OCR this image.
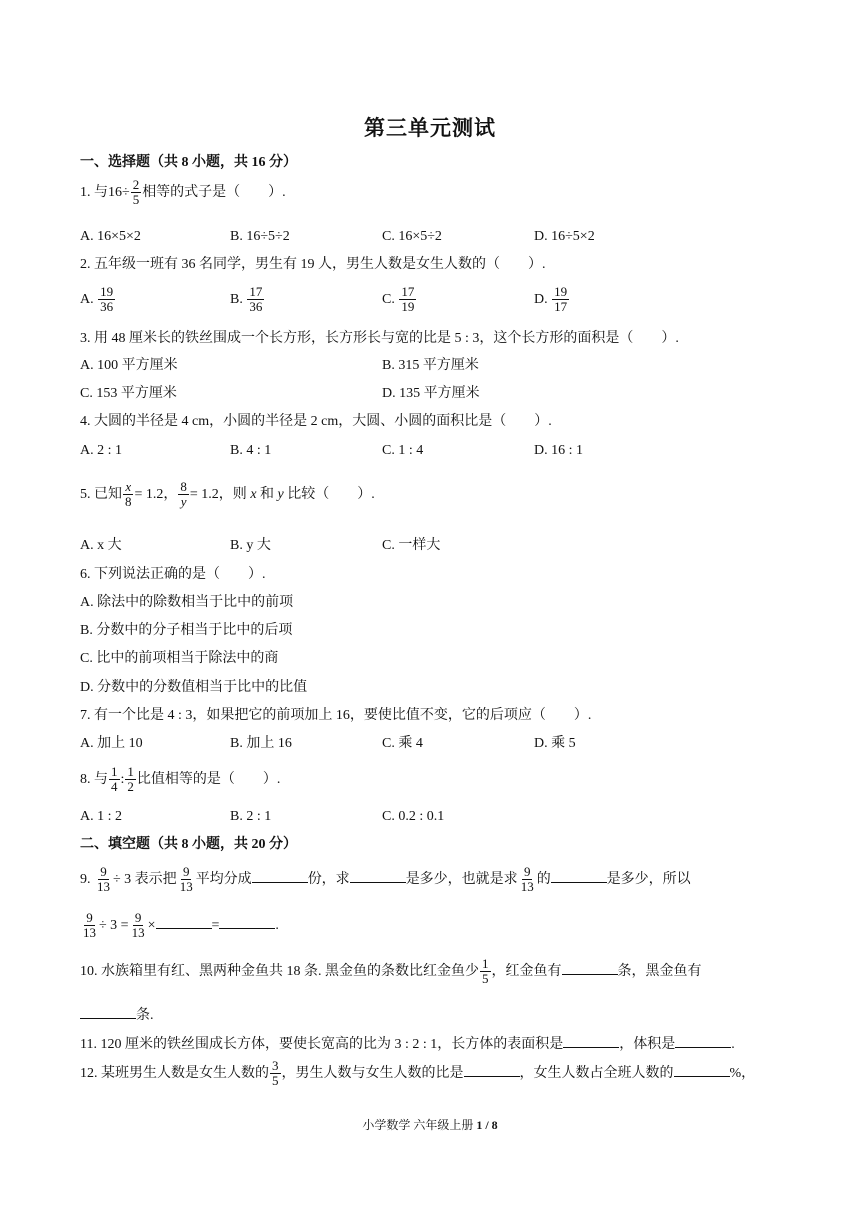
第三单元测试
一、选择题（共 8 小题，共 16 分）
1. 与$16\div \frac{2}{5}$ 相等的式子是（　　）.
A. 16×5×2	B. 16÷5÷2	C. 16×5÷2	D. 16÷5×2
2. 五年级一班有 36 名同学，男生有 19 人，男生人数是女生人数的（　　）.
A. $\frac{19}{36}$	B. $\frac{17}{36}$	C. $\frac{17}{19}$	D. $\frac{19}{17}$
3. 用 48 厘米长的铁丝围成一个长方形，长方形长与宽的比是 5 : 3，这个长方形的面积是（　　）.
A. 100 平方厘米	B. 315 平方厘米
C. 153 平方厘米	D. 135 平方厘米
4. 大圆的半径是 4 cm，小圆的半径是 2 cm，大圆、小圆的面积比是（　　）.
A. 2 : 1	B. 4 : 1	C. 1 : 4	D. 16 : 1
5. 已知 $\frac{x}{8} = 1.2$， $\frac{8}{y} = 1.2$，则 x 和 y 比较（　　）.
A. x 大	B. y 大	C. 一样大
6. 下列说法正确的是（　　）.
A. 除法中的除数相当于比中的前项
B. 分数中的分子相当于比中的后项
C. 比中的前项相当于除法中的商
D. 分数中的分数值相当于比中的比值
7. 有一个比是 4 : 3，如果把它的前项加上 16，要使比值不变，它的后项应（　　）.
A. 加上 10	B. 加上 16	C. 乘 4	D. 乘 5
8. 与 $\frac{1}{4}$ : $\frac{1}{2}$ 比值相等的是（　　）.
A. 1 : 2	B. 2 : 1	C. 0.2 : 0.1
二、填空题（共 8 小题，共 20 分）
9. $\frac{9}{13} \div 3$ 表示把 $\frac{9}{13}$ 平均分成	份，求	是多少，也就是求 $\frac{9}{13}$ 的	是多少，所以
$\frac{9}{13} \div 3 = \frac{9}{13}$ ×	=	.
10. 水族箱里有红、黑两种金鱼共 18 条. 黑金鱼的条数比红金鱼少 $\frac{1}{5}$ ，红金鱼有	条，黑金鱼有
条.
11. 120 厘米的铁丝围成长方体，要使长宽高的比为 3 : 2 : 1，长方体的表面积是	，体积是	.
12. 某班男生人数是女生人数的 $\frac{3}{5}$ ，男生人数与女生人数的比是	，女生人数占全班人数的	%，
小学数学 六年级上册 1 / 8
